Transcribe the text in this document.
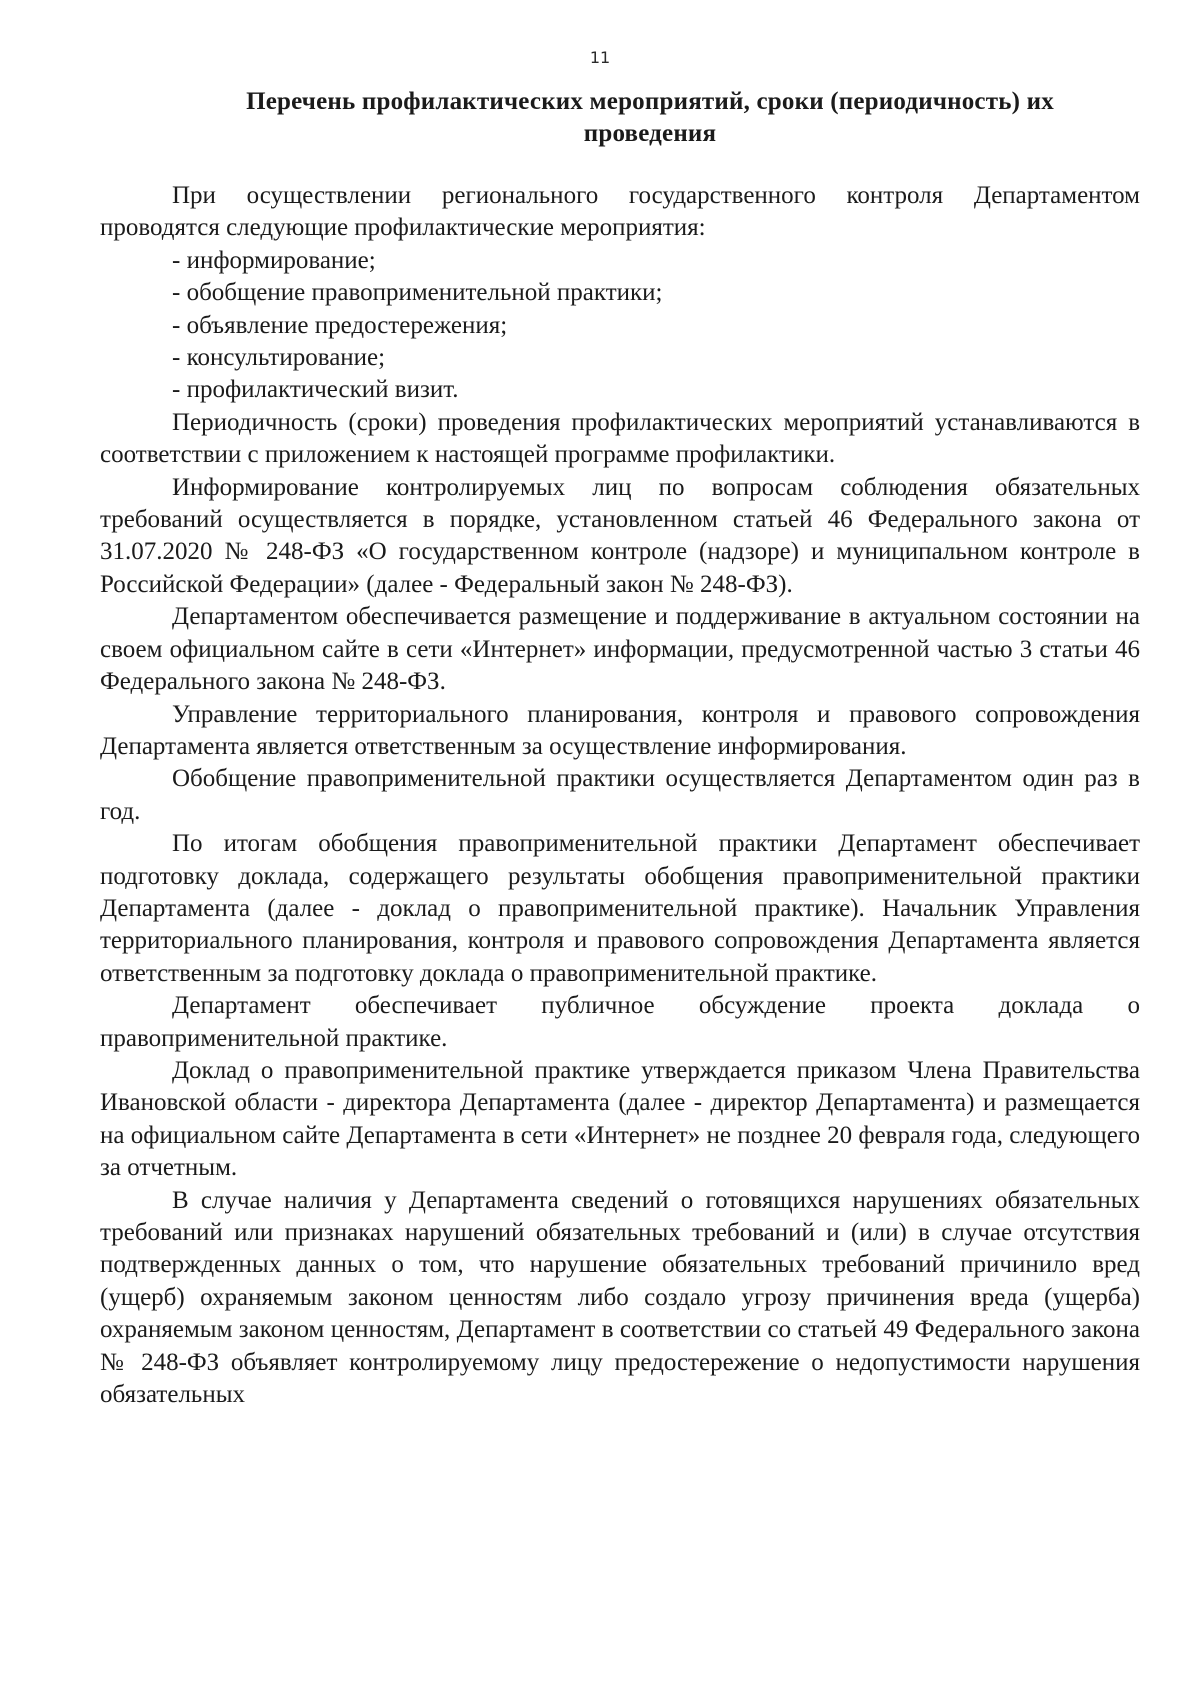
11
Перечень профилактических мероприятий, сроки (периодичность) их
проведения

При осуществлении регионального государственного контроля Департаментом проводятся следующие профилактические мероприятия:

- информирование;

- обобщение правоприменительной практики;

- объявление предостережения;

- консультирование;

- профилактический визит.

Периодичность (сроки) проведения профилактических мероприятий устанавливаются в соответствии с приложением к настоящей программе профилактики.

Информирование контролируемых лиц по вопросам соблюдения обязательных требований осуществляется в порядке, установленном статьей 46 Федерального закона от 31.07.2020 № 248-ФЗ «О государственном контроле (надзоре) и муниципальном контроле в Российской Федерации» (далее - Федеральный закон № 248-ФЗ).

Департаментом обеспечивается размещение и поддерживание в актуальном состоянии на своем официальном сайте в сети «Интернет» информации, предусмотренной частью 3 статьи 46 Федерального закона № 248-ФЗ.

Управление территориального планирования, контроля и правового сопровождения Департамента является ответственным за осуществление информирования.

Обобщение правоприменительной практики осуществляется Департаментом один раз в год.

По итогам обобщения правоприменительной практики Департамент обеспечивает подготовку доклада, содержащего результаты обобщения правоприменительной практики Департамента (далее - доклад о правоприменительной практике). Начальник Управления территориального планирования, контроля и правового сопровождения Департамента является ответственным за подготовку доклада о правоприменительной практике.

Департамент обеспечивает публичное обсуждение проекта доклада о правоприменительной практике.

Доклад о правоприменительной практике утверждается приказом Члена Правительства Ивановской области - директора Департамента (далее - директор Департамента) и размещается на официальном сайте Департамента в сети «Интернет» не позднее 20 февраля года, следующего за отчетным.

В случае наличия у Департамента сведений о готовящихся нарушениях обязательных требований или признаках нарушений обязательных требований и (или) в случае отсутствия подтвержденных данных о том, что нарушение обязательных требований причинило вред (ущерб) охраняемым законом ценностям либо создало угрозу причинения вреда (ущерба) охраняемым законом ценностям, Департамент в соответствии со статьей 49 Федерального закона № 248-ФЗ объявляет контролируемому лицу предостережение о недопустимости нарушения обязательных
